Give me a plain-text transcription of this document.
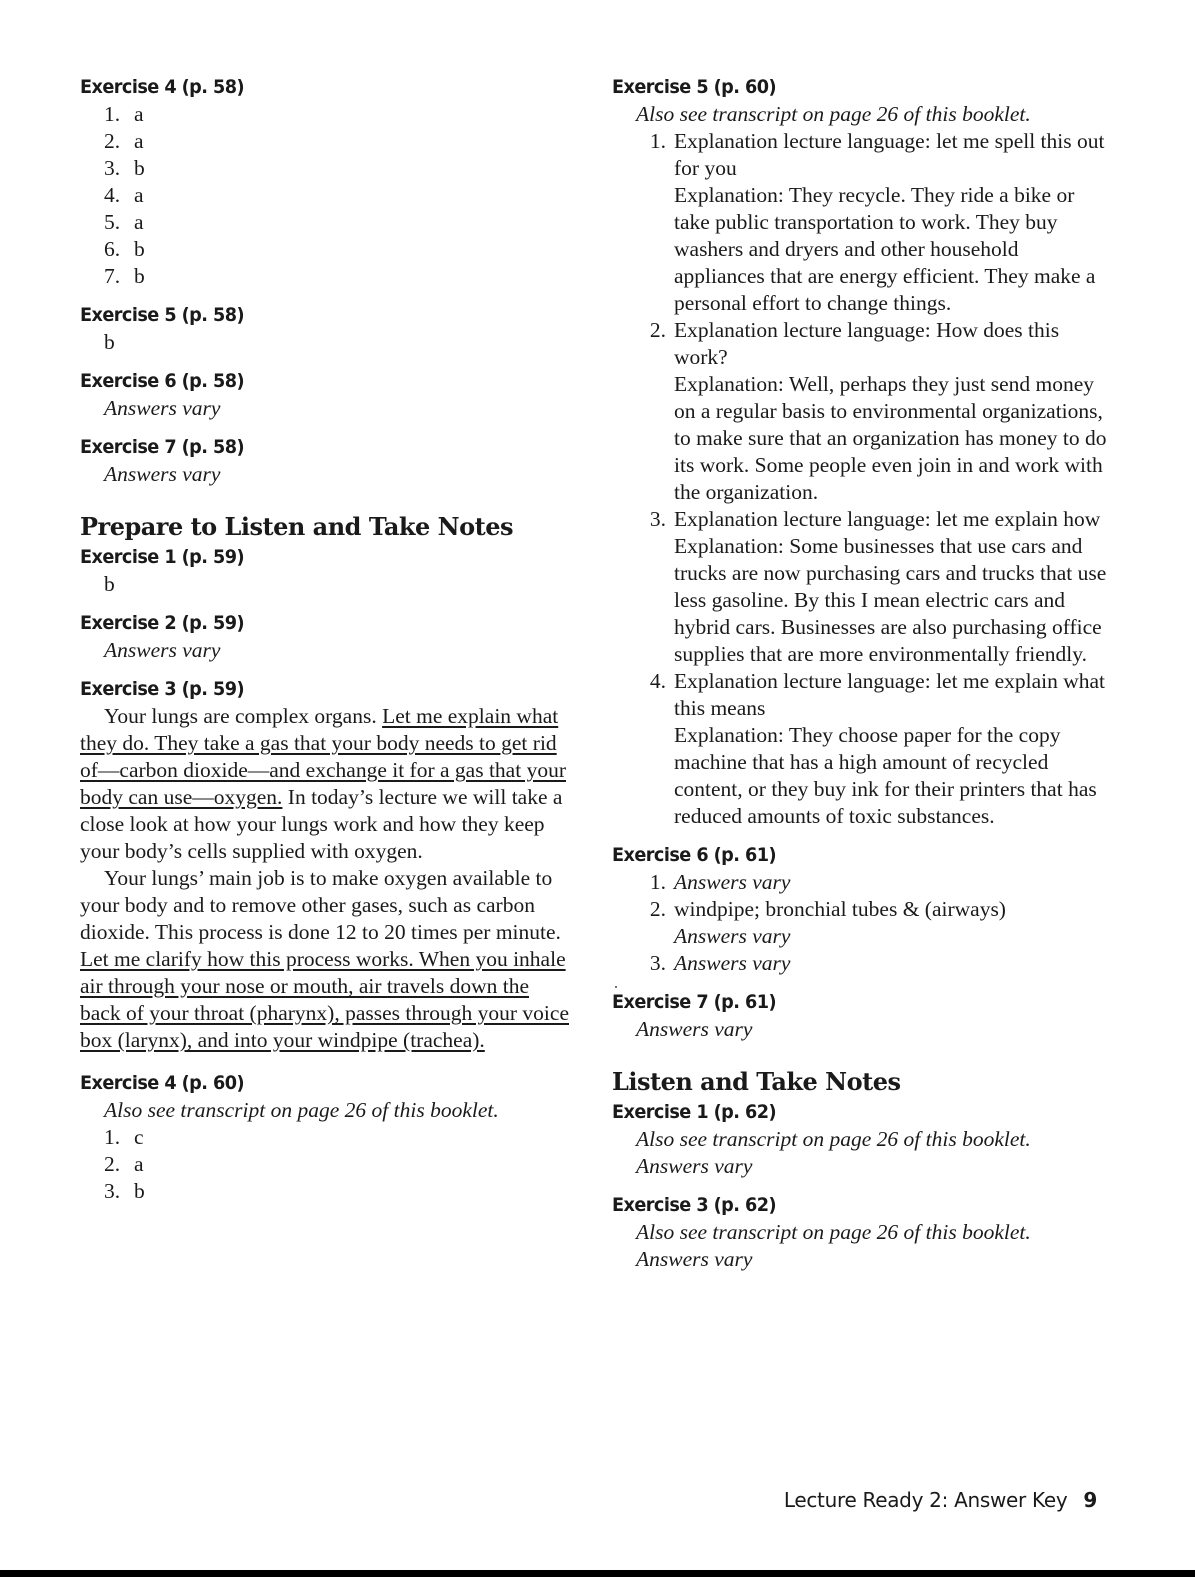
Exercise 4 (p. 58)
1. a
2. a
3. b
4. a
5. a
6. b
7. b
Exercise 5 (p. 58)
b
Exercise 6 (p. 58)
Answers vary
Exercise 7 (p. 58)
Answers vary
Prepare to Listen and Take Notes
Exercise 1 (p. 59)
b
Exercise 2 (p. 59)
Answers vary
Exercise 3 (p. 59)

Your lungs are complex organs. Let me explain what they do. They take a gas that your body needs to get rid of—carbon dioxide—and exchange it for a gas that your body can use—oxygen. In today’s lecture we will take a close look at how your lungs work and how they keep your body’s cells supplied with oxygen.

Your lungs’ main job is to make oxygen available to your body and to remove other gases, such as carbon dioxide. This process is done 12 to 20 times per minute. Let me clarify how this process works. When you inhale air through your nose or mouth, air travels down the back of your throat (pharynx), passes through your voice box (larynx), and into your windpipe (trachea).

Exercise 4 (p. 60)
Also see transcript on page 26 of this booklet.
1. c
2. a
3. b
Exercise 5 (p. 60)
Also see transcript on page 26 of this booklet.
1. Explanation lecture language: let me spell this out for you
Explanation: They recycle. They ride a bike or take public transportation to work. They buy washers and dryers and other household appliances that are energy efficient. They make a personal effort to change things.
2. Explanation lecture language: How does this work?
Explanation: Well, perhaps they just send money on a regular basis to environmental organizations, to make sure that an organization has money to do its work. Some people even join in and work with the organization.
3. Explanation lecture language: let me explain how
Explanation: Some businesses that use cars and trucks are now purchasing cars and trucks that use less gasoline. By this I mean electric cars and hybrid cars. Businesses are also purchasing office supplies that are more environmentally friendly.
4. Explanation lecture language: let me explain what this means
Explanation: They choose paper for the copy machine that has a high amount of recycled content, or they buy ink for their printers that has reduced amounts of toxic substances.
Exercise 6 (p. 61)
1. Answers vary
2. windpipe; bronchial tubes & (airways)
Answers vary
3. Answers vary
Exercise 7 (p. 61)
Answers vary
Listen and Take Notes
Exercise 1 (p. 62)
Also see transcript on page 26 of this booklet.
Answers vary
Exercise 3 (p. 62)
Also see transcript on page 26 of this booklet.
Answers vary
Lecture Ready 2: Answer Key 9
